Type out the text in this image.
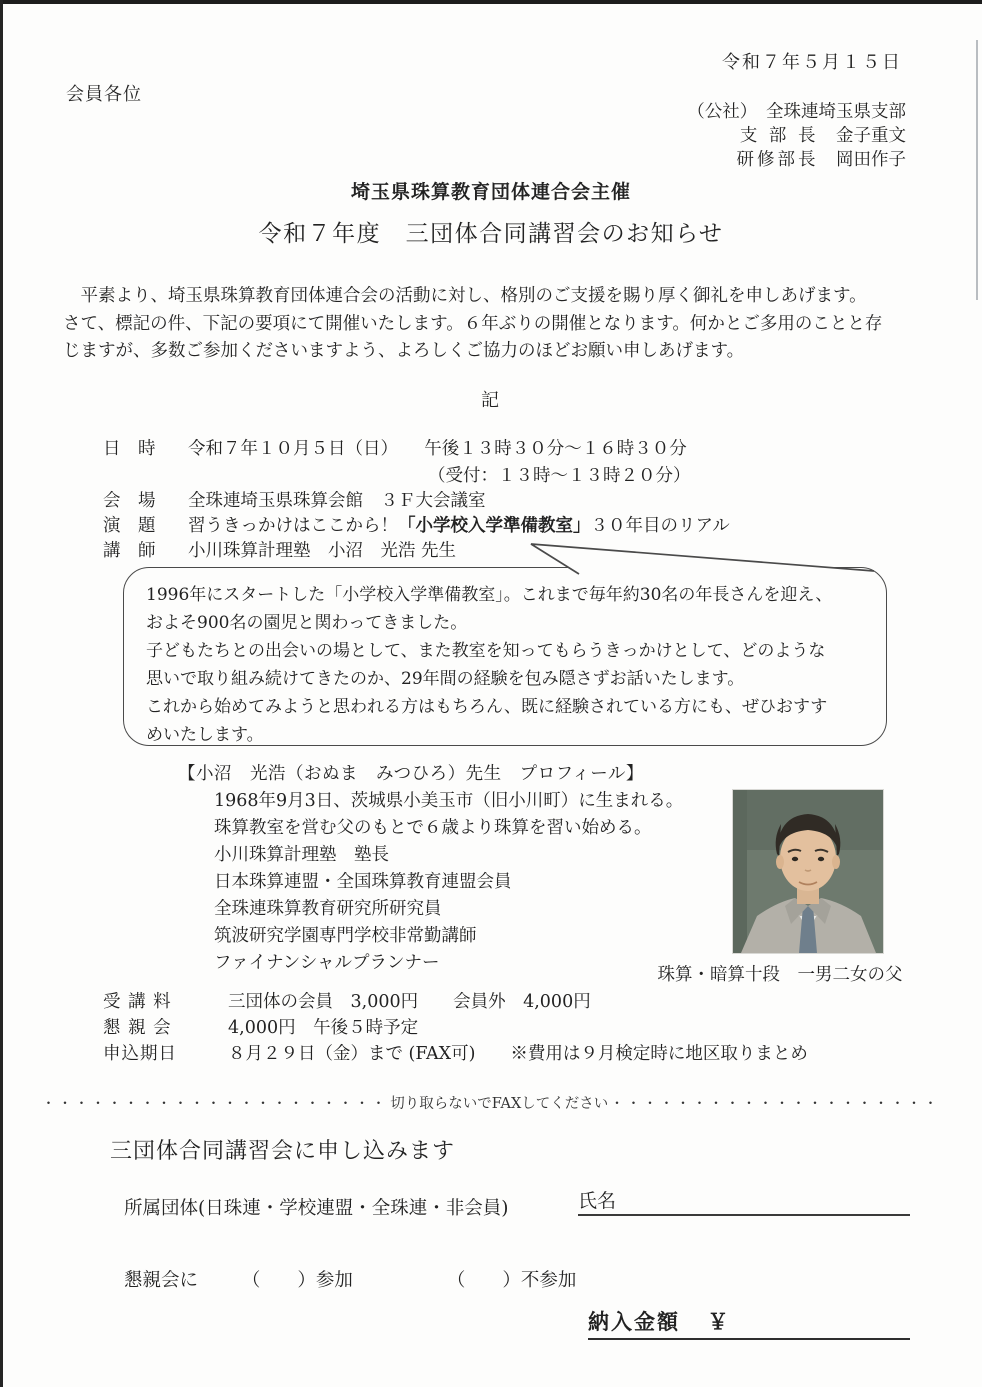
令和７年５月１５日
会員各位
（公社）　全珠連埼玉県支部
支 部 長　金子重文
研修部長　岡田作子
埼玉県珠算教育団体連合会主催
令和７年度　三団体合同講習会のお知らせ
　平素より、埼玉県珠算教育団体連合会の活動に対し、格別のご支援を賜り厚く御礼を申しあげます。
さて、標記の件、下記の要項にて開催いたします。６年ぶりの開催となります。何かとご多用のことと存
じますが、多数ご参加くださいますよう、よろしくご協力のほどお願い申しあげます。
記
日　時	令和７年１０月５日（日）　　午後１３時３０分～１６時３０分
（受付：１３時～１３時２０分）
会　場	全珠連埼玉県珠算会館　３Ｆ大会議室
演　題	習うきっかけはここから！「小学校入学準備教室」３０年目のリアル
講　師	小川珠算計理塾　小沼　光浩 先生
1996年にスタートした「小学校入学準備教室」。これまで毎年約30名の年長さんを迎え、
およそ900名の園児と関わってきました。
子どもたちとの出会いの場として、また教室を知ってもらうきっかけとして、どのような
思いで取り組み続けてきたのか、29年間の経験を包み隠さずお話いたします。
これから始めてみようと思われる方はもちろん、既に経験されている方にも、ぜひおすす
めいたします。
【小沼　光浩（おぬま　みつひろ）先生　プロフィール】
1968年9月3日、茨城県小美玉市（旧小川町）に生まれる。
珠算教室を営む父のもとで６歳より珠算を習い始める。
小川珠算計理塾　塾長
日本珠算連盟・全国珠算教育連盟会員
全珠連珠算教育研究所研究員
筑波研究学園専門学校非常勤講師
ファイナンシャルプランナー
珠算・暗算十段　一男二女の父
受 講 料	三団体の会員　3,000円　　会員外　4,000円
懇 親 会	4,000円　午後５時予定
申込期日	８月２９日（金）まで (FAX可)　　※費用は９月検定時に地区取りまとめ
・・・・・・・・・・・・・・・・・・・・・ 切り取らないでFAXしてください ・・・・・・・・・・・・・・・・・・・・
三団体合同講習会に申し込みます
所属団体(日珠連・学校連盟・全珠連・非会員)	氏名
懇親会に （　　）参加	（　　）不参加
納入金額 ￥
